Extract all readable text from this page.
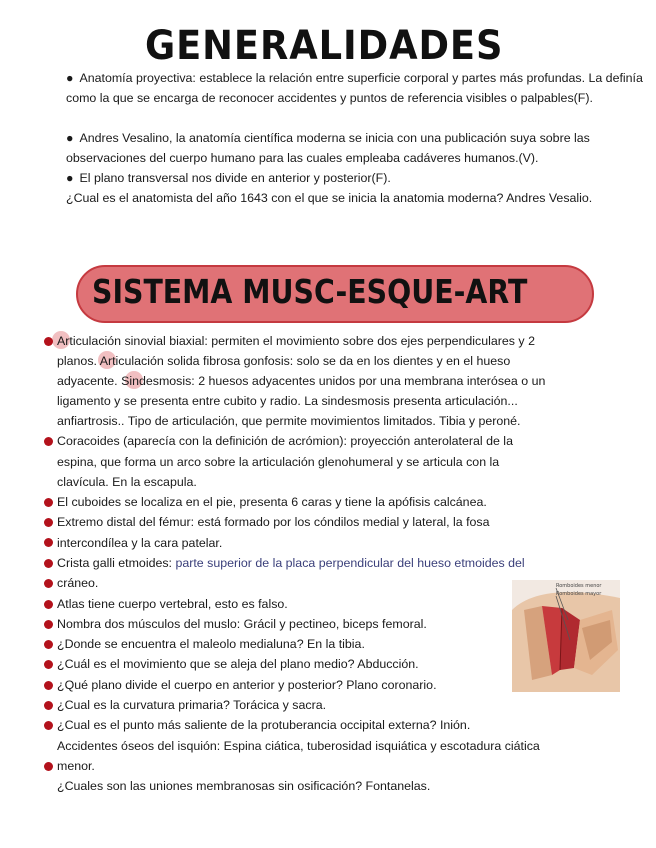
GENERALIDADES

● Anatomía proyectiva: establece la relación entre superficie corporal y partes más profundas. La definía como la que se encarga de reconocer accidentes y puntos de referencia visibles o palpables(F).

● Andres Vesalino, la anatomía científica moderna se inicia con una publicación suya sobre las observaciones del cuerpo humano para las cuales empleaba cadáveres humanos.(V).

● El plano transversal nos divide en anterior y posterior(F).

¿Cual es el anatomista del año 1643 con el que se inicia la anatomia moderna? Andres Vesalio.

SISTEMA MUSC-ESQUE-ART
Articulación sinovial biaxial: permiten el movimiento sobre dos ejes perpendiculares y 2
planos. Articulación solida fibrosa gonfosis: solo se da en los dientes y en el hueso
adyacente. Sindesmosis: 2 huesos adyacentes unidos por una membrana interósea o un
ligamento y se presenta entre cubito y radio. La sindesmosis presenta articulación...
anfiartrosis.. Tipo de articulación, que permite movimientos limitados. Tibia y peroné.
Coracoides (aparecía con la definición de acrómion): proyección anterolateral de la
espina, que forma un arco sobre la articulación glenohumeral y se articula con la
clavícula. En la escapula.
El cuboides se localiza en el pie, presenta 6 caras y tiene la apófisis calcánea.
Extremo distal del fémur: está formado por los cóndilos medial y lateral, la fosa
intercondílea y la cara patelar.
Crista galli etmoides: parte superior de la placa perpendicular del hueso etmoides del
cráneo.
Atlas tiene cuerpo vertebral, esto es falso.
Nombra dos músculos del muslo: Grácil y pectineo, biceps femoral.
¿Donde se encuentra el maleolo medialuna? En la tibia.
¿Cuál es el movimiento que se aleja del plano medio? Abducción.
¿Qué plano divide el cuerpo en anterior y posterior? Plano coronario.
¿Cual es la curvatura primaria? Torácica y sacra.
¿Cual es el punto más saliente de la protuberancia occipital externa? Inión.
Accidentes óseos del isquión: Espina ciática, tuberosidad isquiática y escotadura ciática
menor.
¿Cuales son las uniones membranosas sin osificación? Fontanelas.
Romboides menor
Romboides mayor
